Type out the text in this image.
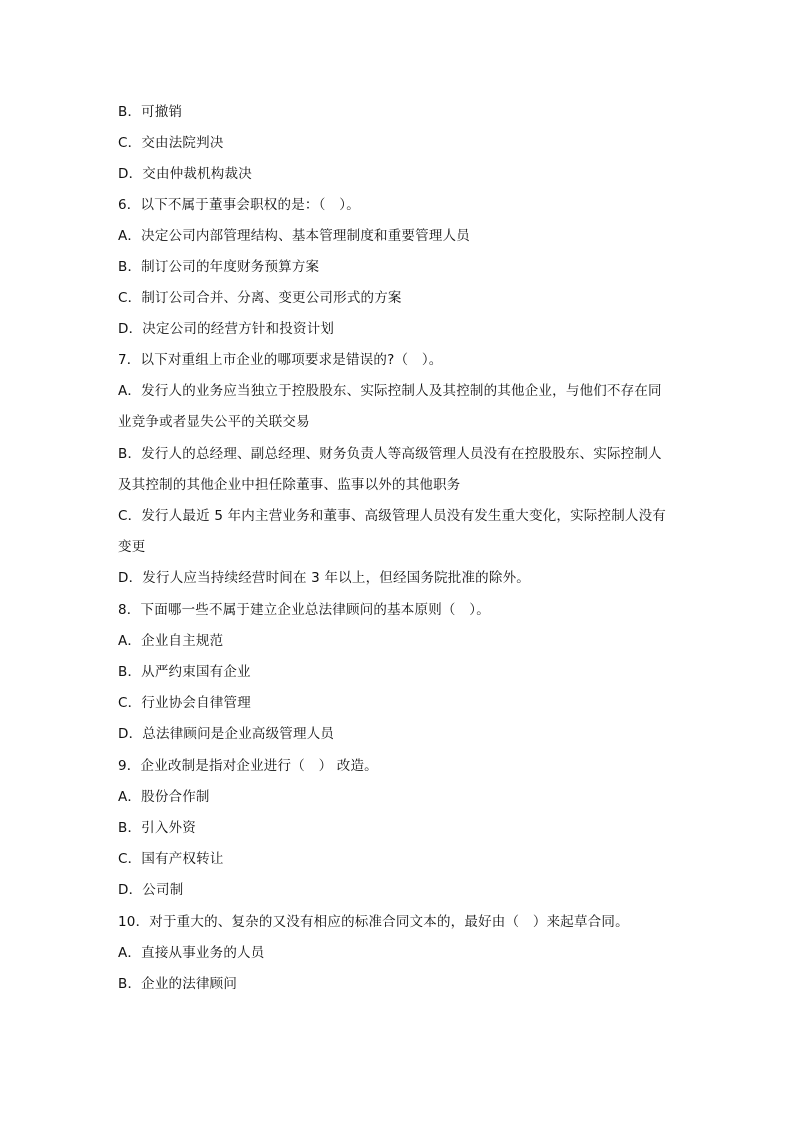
B．可撤销
C．交由法院判决
D．交由仲裁机构裁决
6．以下不属于董事会职权的是：（　）。
A．决定公司内部管理结构、基本管理制度和重要管理人员
B．制订公司的年度财务预算方案
C．制订公司合并、分离、变更公司形式的方案
D．决定公司的经营方针和投资计划
7．以下对重组上市企业的哪项要求是错误的?（　）。
A．发行人的业务应当独立于控股股东、实际控制人及其控制的其他企业，与他们不存在同
业竞争或者显失公平的关联交易
B．发行人的总经理、副总经理、财务负责人等高级管理人员没有在控股股东、实际控制人
及其控制的其他企业中担任除董事、监事以外的其他职务
C．发行人最近 5 年内主营业务和董事、高级管理人员没有发生重大变化，实际控制人没有
变更
D．发行人应当持续经营时间在 3 年以上，但经国务院批准的除外。
8．下面哪一些不属于建立企业总法律顾问的基本原则（　）。
A．企业自主规范
B．从严约束国有企业
C．行业协会自律管理
D．总法律顾问是企业高级管理人员
9．企业改制是指对企业进行（　） 改造。
A．股份合作制
B．引入外资
C．国有产权转让
D．公司制
10．对于重大的、复杂的又没有相应的标准合同文本的，最好由（　）来起草合同。
A．直接从事业务的人员
B．企业的法律顾问
